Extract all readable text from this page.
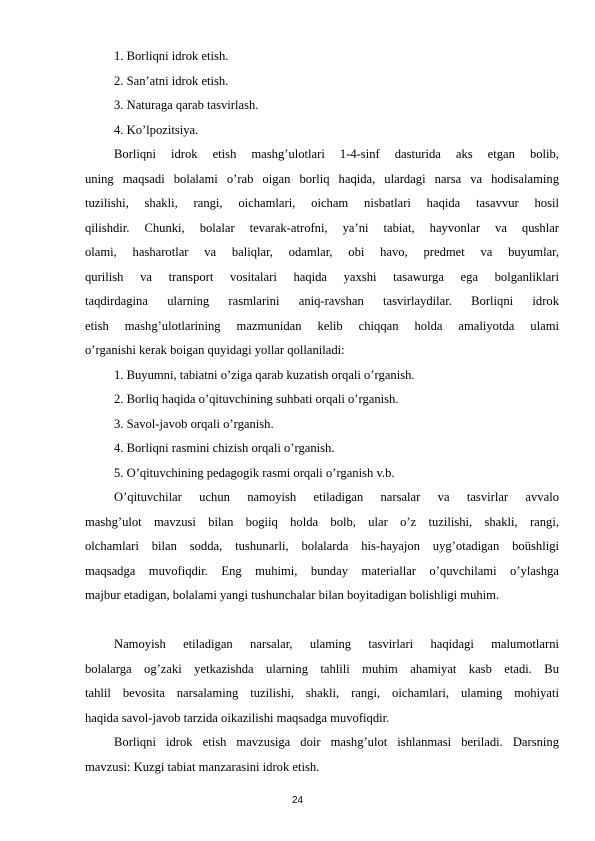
1. Borliqni idrok etish.
2. San’atni idrok etish.
3. Naturaga qarab tasvirlash.
4. Ko’lpozitsiya.
Borliqni idrok etish mashg’ulotlari 1-4-sinf dasturida aks etgan bolib,
uning maqsadi bolalami o’rab oigan borliq haqida, ulardagi narsa va hodisalaming
tuzilishi, shakli, rangi, oichamlari, oicham nisbatlari haqida tasavvur hosil
qilishdir. Chunki, bolalar tevarak-atrofni, ya’ni tabiat, hayvonlar va qushlar
olami, hasharotlar va baliqlar, odamlar, obi havo, predmet va buyumlar,
qurilish va transport vositalari haqida yaxshi tasawurga ega bolganliklari
taqdirdagina ularning rasmlarini aniq-ravshan tasvirlaydilar. Borliqni idrok
etish mashg’ulotlarining mazmunidan kelib chiqqan holda amaliyotda ulami
o’rganishi kerak boigan quyidagi yollar qollaniladi:
1. Buyumni, tabiatni o’ziga qarab kuzatish orqali o’rganish.
2. Borliq haqida o’qituvchining suhbati orqali o’rganish.
3. Savol-javob orqali o’rganish.
4. Borliqni rasmini chizish orqali o’rganish.
5. O’qituvchining pedagogik rasmi orqali o’rganish v.b.
O’qituvchilar uchun namoyish etiladigan narsalar va tasvirlar avvalo
mashg’ulot mavzusi bilan bogiiq holda bolb, ular o’z tuzilishi, shakli, rangi,
olchamlari bilan sodda, tushunarli, bolalarda his-hayajon uyg’otadigan boüshligi
maqsadga muvofiqdir. Eng muhimi, bunday materiallar o’quvchilami o’ylashga
majbur etadigan, bolalami yangi tushunchalar bilan boyitadigan bolishligi muhim.
Namoyish etiladigan narsalar, ulaming tasvirlari haqidagi malumotlarni
bolalarga og’zaki yetkazishda ularning tahlili muhim ahamiyat kasb etadi. Bu
tahlil bevosita narsalaming tuzilishi, shakli, rangi, oichamlari, ulaming mohiyati
haqida savol-javob tarzida oikazilishi maqsadga muvofiqdir.
Borliqni idrok etish mavzusiga doir mashg’ulot ishlanmasi beriladi. Darsning
mavzusi: Kuzgi tabiat manzarasini idrok etish.
24
